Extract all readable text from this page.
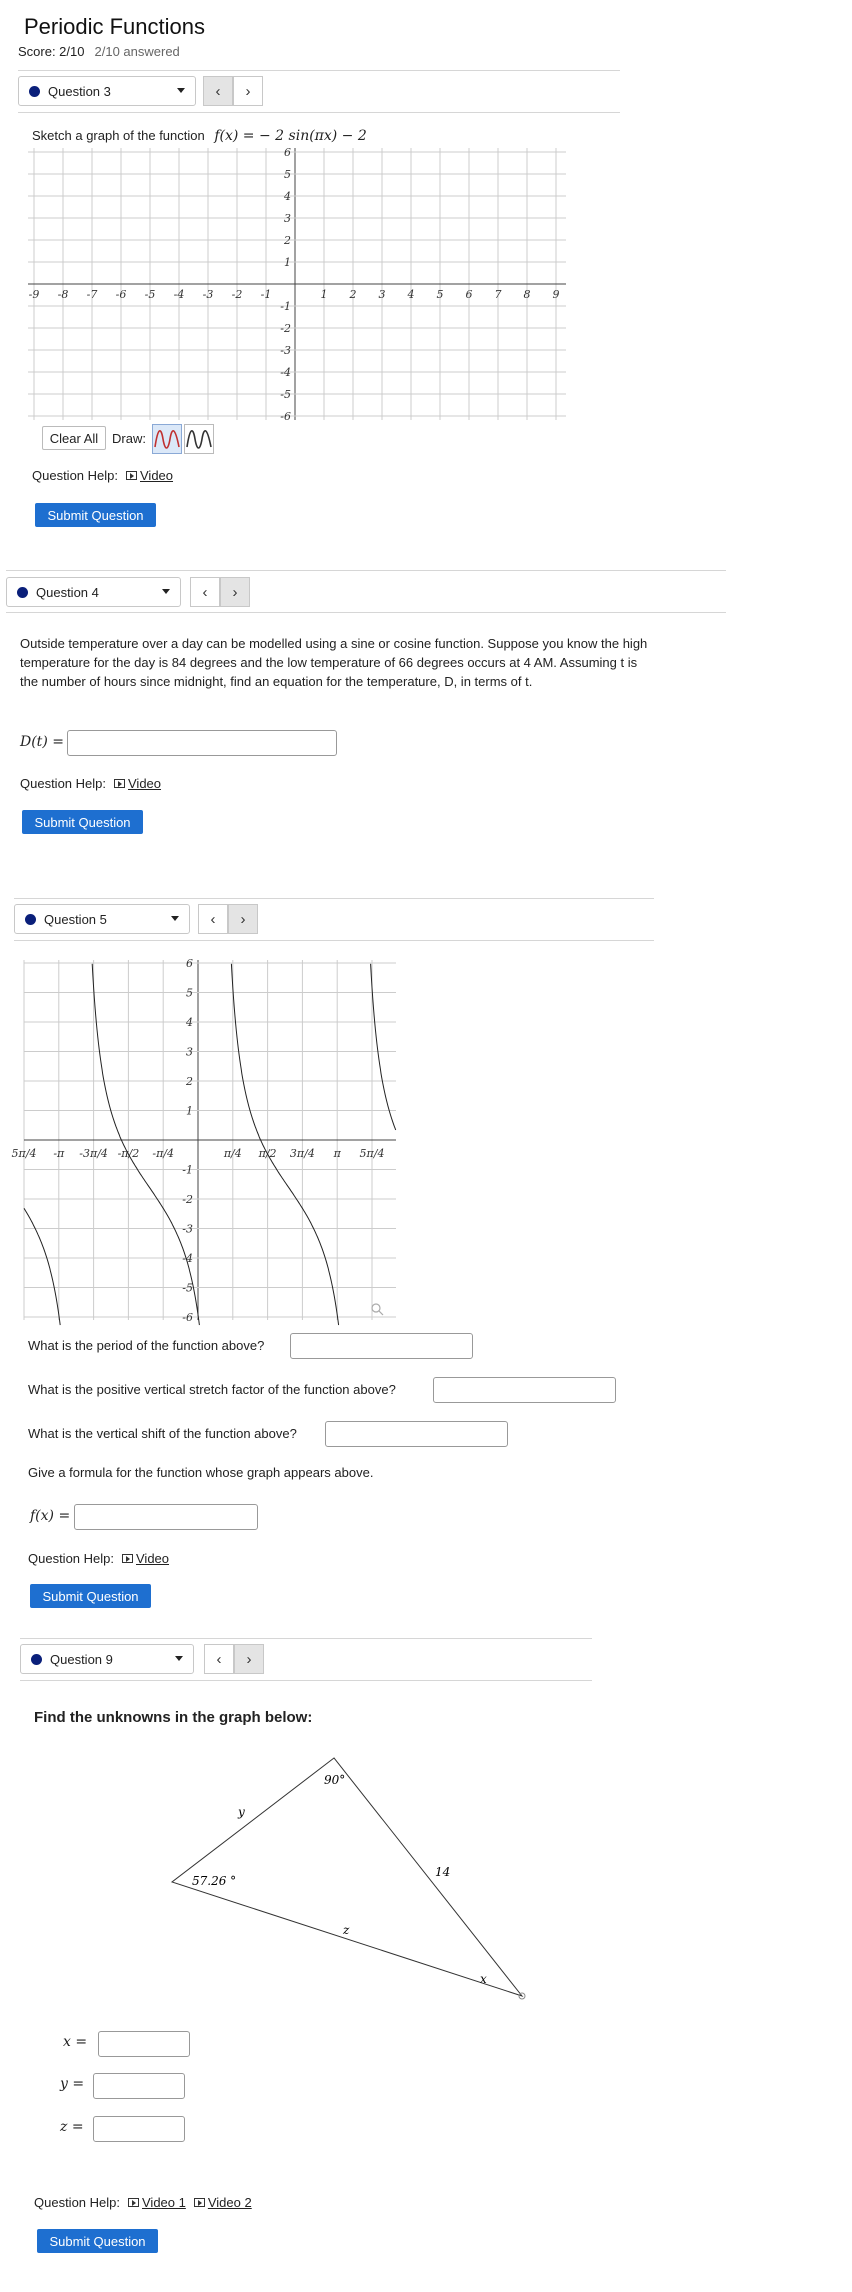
Periodic Functions
Score: 2/10 2/10 answered
Question 3	‹	›
Sketch a graph of the function f(x) = − 2 sin(πx) − 2
-9 -8 -7 -6 -5 -4 -3 -2 -1	1 2 3 4 5 6 7 8 9
6
5
4
3
2
1
-1
-2
-3
-4
-5
-6
Clear All	Draw:
Question Help: Video
Submit Question
Question 4	‹	›
Outside temperature over a day can be modelled using a sine or cosine function. Suppose you know the high temperature for the day is 84 degrees and the low temperature of 66 degrees occurs at 4 AM. Assuming t is the number of hours since midnight, find an equation for the temperature, D, in terms of t.
D(t) =
Question Help: Video
Submit Question
Question 5	‹	›
5π/4 -π -3π/4 -π/2 -π/4	π/4 π/2 3π/4 π 5π/4
6
5
4
3
2
1
-1
-2
-3
-4
-5
-6
What is the period of the function above?
What is the positive vertical stretch factor of the function above?
What is the vertical shift of the function above?
Give a formula for the function whose graph appears above.
f(x) =
Question Help: Video
Submit Question
Question 9	‹	›
Find the unknowns in the graph below:
90°
57.26 °
14
y
z
x
x =
y =
z =
Question Help: Video 1 Video 2
Submit Question
